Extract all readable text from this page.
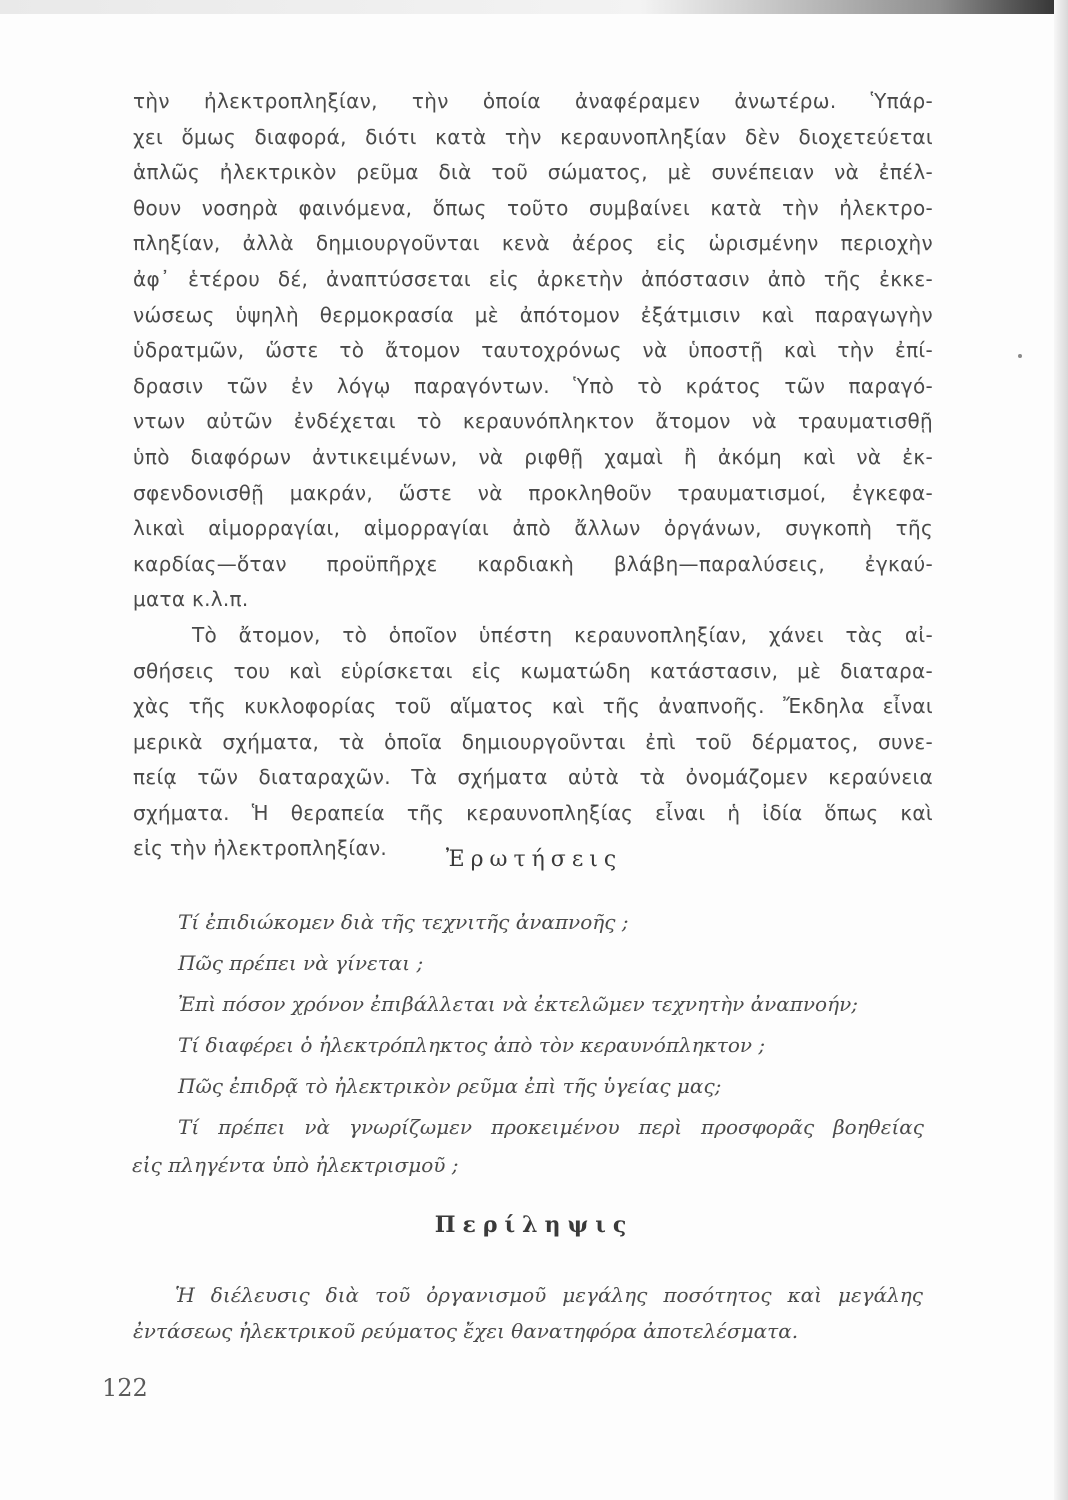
τὴν ἠλεκτροπληξίαν, τὴν ὁποία ἀναφέραμεν ἀνωτέρω. Ὑπάρ-
χει ὅμως διαφορά, διότι κατὰ τὴν κεραυνοπληξίαν δὲν διοχετεύεται
ἁπλῶς ἠλεκτρικὸν ρεῦμα διὰ τοῦ σώματος, μὲ συνέπειαν νὰ ἐπέλ-
θουν νοσηρὰ φαινόμενα, ὅπως τοῦτο συμβαίνει κατὰ τὴν ἠλεκτρο-
πληξίαν, ἀλλὰ δημιουργοῦνται κενὰ ἀέρος εἰς ὡρισμένην περιοχὴν
ἀφ᾽ ἑτέρου δέ, ἀναπτύσσεται εἰς ἀρκετὴν ἀπόστασιν ἀπὸ τῆς ἐκκε-
νώσεως ὑψηλὴ θερμοκρασία μὲ ἀπότομον ἐξάτμισιν καὶ παραγωγὴν
ὑδρατμῶν, ὥστε τὸ ἄτομον ταυτοχρόνως νὰ ὑποστῇ καὶ τὴν ἐπί-
δρασιν τῶν ἐν λόγῳ παραγόντων. Ὑπὸ τὸ κράτος τῶν παραγό-
ντων αὐτῶν ἐνδέχεται τὸ κεραυνόπληκτον ἄτομον νὰ τραυματισθῇ
ὑπὸ διαφόρων ἀντικειμένων, νὰ ριφθῇ χαμαὶ ἢ ἀκόμη καὶ νὰ ἐκ-
σφενδονισθῇ μακράν, ὥστε νὰ προκληθοῦν τραυματισμοί, ἐγκεφα-
λικαὶ αἱμορραγίαι, αἱμορραγίαι ἀπὸ ἄλλων ὀργάνων, συγκοπὴ τῆς
καρδίας—ὅταν προϋπῆρχε καρδιακὴ βλάβη—παραλύσεις, ἐγκαύ-
ματα κ.λ.π.
Τὸ ἄτομον, τὸ ὁποῖον ὑπέστη κεραυνοπληξίαν, χάνει τὰς αἰ-
σθήσεις του καὶ εὑρίσκεται εἰς κωματώδη κατάστασιν, μὲ διαταρα-
χὰς τῆς κυκλοφορίας τοῦ αἵματος καὶ τῆς ἀναπνοῆς. Ἔκδηλα εἶναι
μερικὰ σχήματα, τὰ ὁποῖα δημιουργοῦνται ἐπὶ τοῦ δέρματος, συνε-
πείᾳ τῶν διαταραχῶν. Τὰ σχήματα αὐτὰ τὰ ὀνομάζομεν κεραύνεια
σχήματα. Ἡ θεραπεία τῆς κεραυνοπληξίας εἶναι ἡ ἰδία ὅπως καὶ
εἰς τὴν ἠλεκτροπληξίαν.	Ἐρωτήσεις
Τί ἐπιδιώκομεν διὰ τῆς τεχνιτῆς ἀναπνοῆς ;
Πῶς πρέπει νὰ γίνεται ;
Ἐπὶ πόσον χρόνον ἐπιβάλλεται νὰ ἐκτελῶμεν τεχνητὴν ἀναπνοήν;
Τί διαφέρει ὁ ἠλεκτρόπληκτος ἀπὸ τὸν κεραυνόπληκτον ;
Πῶς ἐπιδρᾷ τὸ ἠλεκτρικὸν ρεῦμα ἐπὶ τῆς ὑγείας μας;
Τί πρέπει νὰ γνωρίζωμεν προκειμένου περὶ προσφορᾶς βοηθείας
εἰς πληγέντα ὑπὸ ἠλεκτρισμοῦ ;
Περίληψις
Ἡ διέλευσις διὰ τοῦ ὀργανισμοῦ μεγάλης ποσότητος καὶ μεγάλης
ἐντάσεως ἠλεκτρικοῦ ρεύματος ἔχει θανατηφόρα ἀποτελέσματα.
122
